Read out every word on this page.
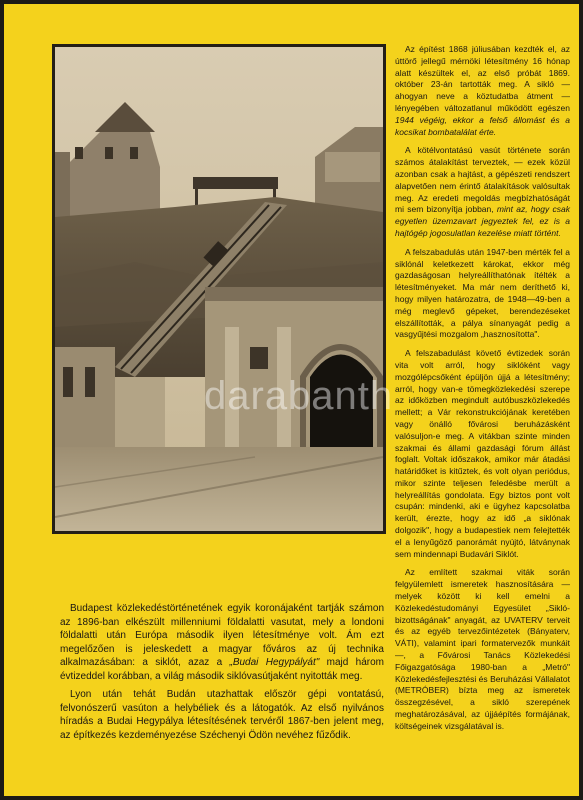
darabanth

Az építést 1868 júliusában kezdték el, az úttörő jellegű mérnöki létesítmény 16 hónap alatt készültek el, az első próbát 1869. október 23-án tartották meg. A sikló — ahogyan neve a köztudatba átment — lényegében változatlanul működött egészen 1944 végéig, ekkor a felső állomást és a kocsikat bombatalálat érte.

A kötélvontatású vasút története során számos átalakítást terveztek, — ezek közül azonban csak a hajtást, a gépészeti rendszert alapvetően nem érintő átalakítások valósultak meg. Az eredeti megoldás megbízhatóságát mi sem bizonyítja jobban, mint az, hogy csak egyetlen üzemzavart jegyeztek fel, ez is a hajtógép jogosulatlan kezelése miatt történt.

A felszabadulás után 1947-ben mérték fel a siklónál keletkezett károkat, ekkor még gazdaságosan helyreállíthatónak ítélték a létesítményeket. Ma már nem deríthető ki, hogy milyen határozatra, de 1948—49-ben a még meglevő gépeket, berendezéseket elszállították, a pálya sínanyagát pedig a vasgyűjtési mozgalom „hasznosította".

A felszabadulást követő évtizedek során vita volt arról, hogy siklóként vagy mozgólépcsőként épüljön újjá a létesítmény; arról, hogy van-e tömegközlekedési szerepe az időközben megindult autóbuszközlekedés mellett; a Vár rekonstrukciójának keretében vagy önálló fővárosi beruházásként valósuljon-e meg. A vitákban szinte minden szakmai és állami gazdasági fórum állást foglalt. Voltak időszakok, amikor már átadási határidőket is kitűztek, és volt olyan periódus, mikor szinte teljesen feledésbe merült a helyreállítás gondolata. Egy biztos pont volt csupán: mindenki, aki e ügyhez kapcsolatba került, érezte, hogy az idő „a siklónak dolgozik", hogy a budapestiek nem felejtették el a lenyűgöző panorámát nyújtó, látványnak sem mindennapi Budavári Siklót.

Az említett szakmai viták során felgyülemlett ismeretek hasznosítására — melyek között ki kell emelni a Közlekedéstudományi Egyesület „Sikló-bizottságának" anyagát, az UVATERV terveit és az egyéb tervezőintézetek (Bányaterv, VÁTI), valamint ipari formatervezők munkáit —, a Fővárosi Tanács Közlekedési Főigazgatósága 1980-ban a „Metró" Közlekedésfejlesztési és Beruházási Vállalatot (METRÓBER) bízta meg az ismeretek összegzésével, a sikló szerepének meghatározásával, az újjáépítés formájának, költségeinek vizsgálatával is.

Budapest közlekedéstörténetének egyik koronájaként tartják számon az 1896-ban elkészült millenniumi földalatti vasutat, mely a londoni földalatti után Európa második ilyen létesítménye volt. Ám ezt megelőzően is jeleskedett a magyar főváros az új technika alkalmazásában: a siklót, azaz a „Budai Hegypályát" majd három évtizeddel korábban, a világ második siklóvasútjaként nyitották meg.

Lyon után tehát Budán utazhattak először gépi vontatású, felvonószerű vasúton a helybéliek és a látogatók. Az első nyilvános híradás a Budai Hegypálya létesítésének tervéről 1867-ben jelent meg, az építkezés kezdeményezése Széchenyi Ödön nevéhez fűződik.
